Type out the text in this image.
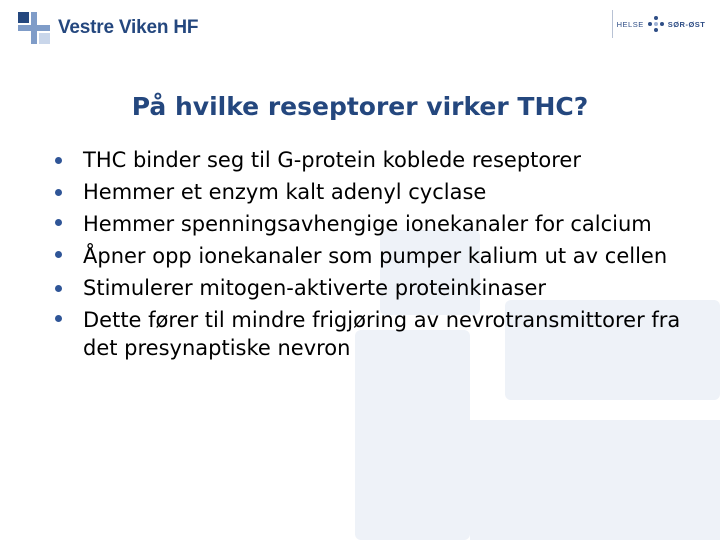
Vestre Viken HF	HELSE	SØR-ØST
På hvilke reseptorer virker THC?
THC binder seg til G-protein koblede reseptorer
Hemmer et enzym kalt adenyl cyclase
Hemmer spenningsavhengige ionekanaler for calcium
Åpner opp ionekanaler som pumper kalium ut av cellen
Stimulerer mitogen-aktiverte proteinkinaser
Dette fører til mindre frigjøring av nevrotransmittorer fra det presynaptiske nevron
